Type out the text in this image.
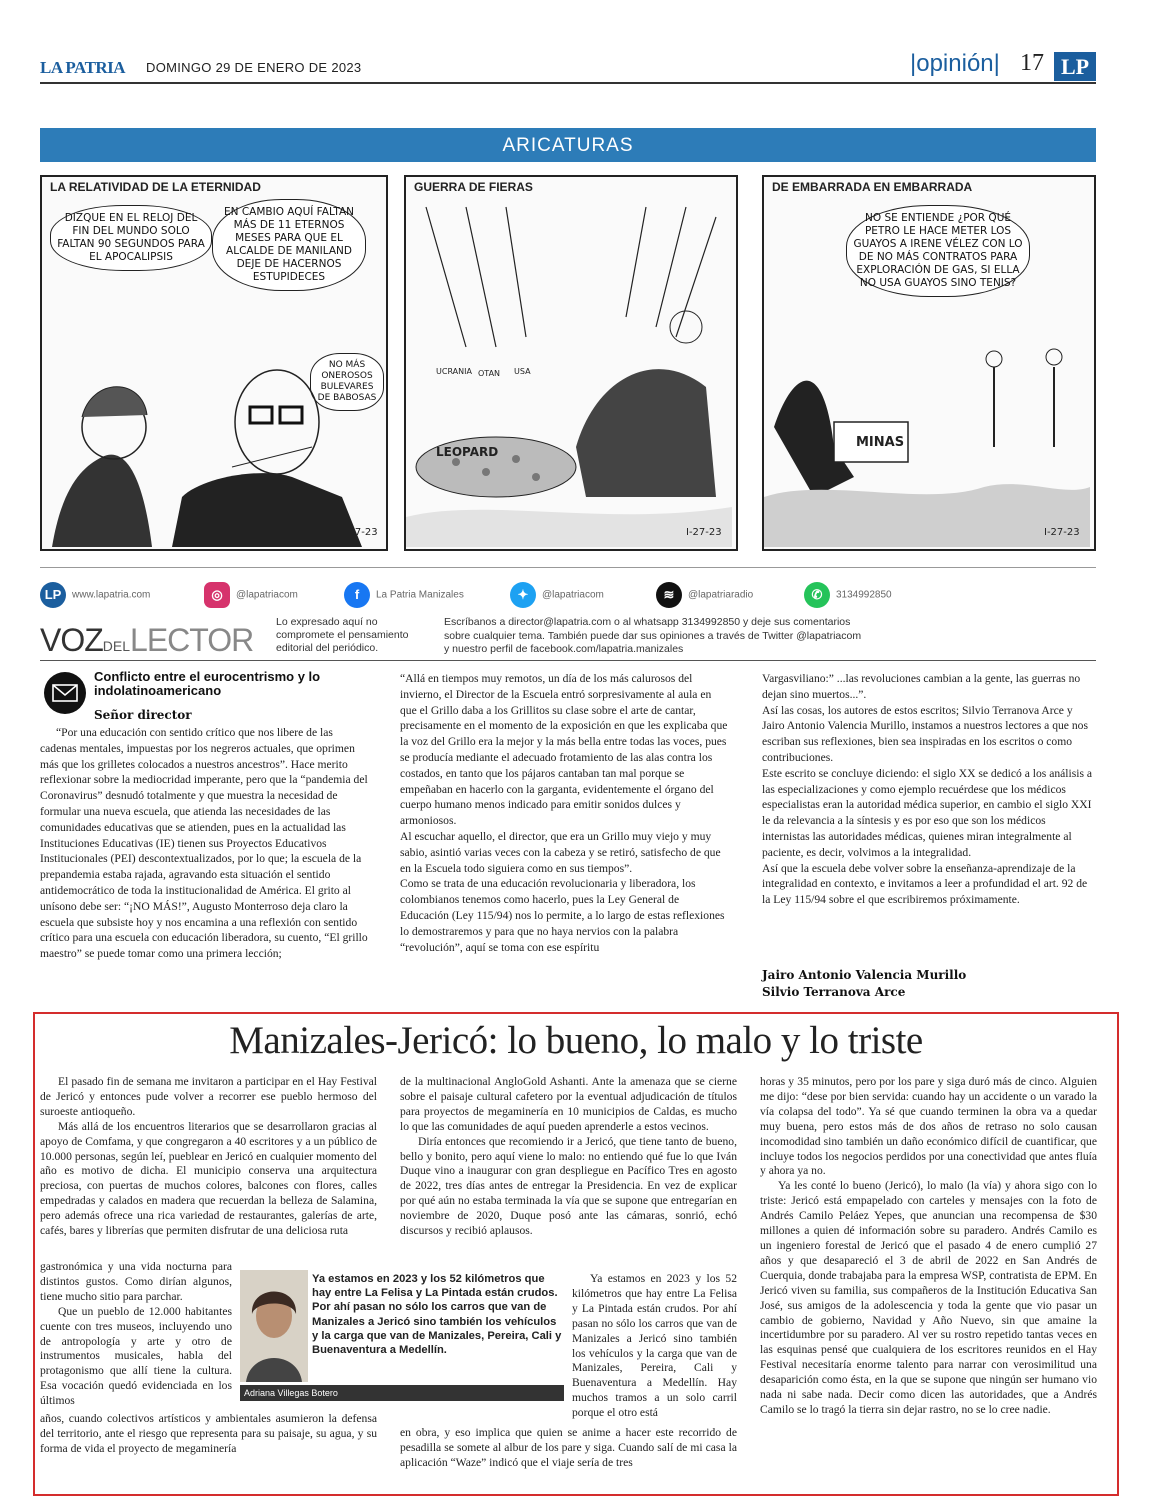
LA PATRIA DOMINGO 29 DE ENERO DE 2023	|opinión| 17 LP
ARICATURAS
LA RELATIVIDAD DE LA ETERNIDAD
DIZQUE EN EL RELOJ DEL FIN DEL MUNDO SOLO FALTAN 90 SEGUNDOS PARA EL APOCALIPSIS
EN CAMBIO AQUÍ FALTAN MÁS DE 11 ETERNOS MESES PARA QUE EL ALCALDE DE MANILAND DEJE DE HACERNOS ESTUPIDECES
NO MÁS ONEROSOS BULEVARES DE BABOSAS
I-27-23
GUERRA DE FIERAS
UCRANIA OTAN USA
LEOPARD
I-27-23
DE EMBARRADA EN EMBARRADA
NO SE ENTIENDE ¿POR QUÉ PETRO LE HACE METER LOS GUAYOS A IRENE VÉLEZ CON LO DE NO MÁS CONTRATOS PARA EXPLORACIÓN DE GAS, SI ELLA NO USA GUAYOS SINO TENIS?
MINAS
I-27-23
LP www.lapatria.com	◎ @lapatriacom	f La Patria Manizales	✦ @lapatriacom	≋ @lapatriaradio	✆ 3134992850
VOZDELLECTOR Lo expresado aquí no compromete el pensamiento editorial del periódico.
Escríbanos a director@lapatria.com o al whatsapp 3134992850 y deje sus comentarios sobre cualquier tema. También puede dar sus opiniones a través de Twitter @lapatriacom y nuestro perfil de facebook.com/lapatria.manizales
Conflicto entre el eurocentrismo y lo indolatinoamericano
Señor director
“Por una educación con sentido crítico que nos libere de las cadenas mentales, impuestas por los negreros actuales, que oprimen más que los grilletes colocados a nuestros ancestros”. Hace merito reflexionar sobre la mediocridad imperante, pero que la “pandemia del Coronavirus” desnudó totalmente y que muestra la necesidad de formular una nueva escuela, que atienda las necesidades de las comunidades educativas que se atienden, pues en la actualidad las Instituciones Educativas (IE) tienen sus Proyectos Educativos Institucionales (PEI) descontextualizados, por lo que; la escuela de la prepandemia estaba rajada, agravando esta situación el sentido antidemocrático de toda la institucionalidad de América. El grito al unísono debe ser: “¡NO MÁS!”, Augusto Monterroso deja claro la escuela que subsiste hoy y nos encamina a una reflexión con sentido crítico para una escuela con educación liberadora, su cuento, “El grillo maestro” se puede tomar como una primera lección;

“Allá en tiempos muy remotos, un día de los más calurosos del invierno, el Director de la Escuela entró sorpresivamente al aula en que el Grillo daba a los Grillitos su clase sobre el arte de cantar, precisamente en el momento de la exposición en que les explicaba que la voz del Grillo era la mejor y la más bella entre todas las voces, pues se producía mediante el adecuado frotamiento de las alas contra los costados, en tanto que los pájaros cantaban tan mal porque se empeñaban en hacerlo con la garganta, evidentemente el órgano del cuerpo humano menos indicado para emitir sonidos dulces y armoniosos.

Al escuchar aquello, el director, que era un Grillo muy viejo y muy sabio, asintió varias veces con la cabeza y se retiró, satisfecho de que en la Escuela todo siguiera como en sus tiempos”.

Como se trata de una educación revolucionaria y liberadora, los colombianos tenemos como hacerlo, pues la Ley General de Educación (Ley 115/94) nos lo permite, a lo largo de estas reflexiones lo demostraremos y para que no haya nervios con la palabra “revolución”, aquí se toma con ese espíritu

Vargasviliano:” ...las revoluciones cambian a la gente, las guerras no dejan sino muertos...”.

Así las cosas, los autores de estos escritos; Silvio Terranova Arce y Jairo Antonio Valencia Murillo, instamos a nuestros lectores a que nos escriban sus reflexiones, bien sea inspiradas en los escritos o como contribuciones.

Este escrito se concluye diciendo: el siglo XX se dedicó a los análisis a las especializaciones y como ejemplo recuérdese que los médicos especialistas eran la autoridad médica superior, en cambio el siglo XXI le da relevancia a la síntesis y es por eso que son los médicos internistas las autoridades médicas, quienes miran integralmente al paciente, es decir, volvimos a la integralidad.

Así que la escuela debe volver sobre la enseñanza-aprendizaje de la integralidad en contexto, e invitamos a leer a profundidad el art. 92 de la Ley 115/94 sobre el que escribiremos próximamente.

Jairo Antonio Valencia Murillo
Silvio Terranova Arce
Manizales-Jericó: lo bueno, lo malo y lo triste

El pasado fin de semana me invitaron a participar en el Hay Festival de Jericó y entonces pude volver a recorrer ese pueblo hermoso del suroeste antioqueño.

Más allá de los encuentros literarios que se desarrollaron gracias al apoyo de Comfama, y que congregaron a 40 escritores y a un público de 10.000 personas, según leí, pueblear en Jericó en cualquier momento del año es motivo de dicha. El municipio conserva una arquitectura preciosa, con puertas de muchos colores, balcones con flores, calles empedradas y calados en madera que recuerdan la belleza de Salamina, pero además ofrece una rica variedad de restaurantes, galerías de arte, cafés, bares y librerías que permiten disfrutar de una deliciosa ruta

gastronómica y una vida nocturna para distintos gustos. Como dirían algunos, tiene mucho sitio para parchar.

Que un pueblo de 12.000 habitantes cuente con tres museos, incluyendo uno de antropología y arte y otro de instrumentos musicales, habla del protagonismo que allí tiene la cultura. Esa vocación quedó evidenciada en los últimos

años, cuando colectivos artísticos y ambientales asumieron la defensa del territorio, ante el riesgo que representa para su paisaje, su agua, y su forma de vida el proyecto de megaminería

de la multinacional AngloGold Ashanti. Ante la amenaza que se cierne sobre el paisaje cultural cafetero por la eventual adjudicación de títulos para proyectos de megaminería en 10 municipios de Caldas, es mucho lo que las comunidades de aquí pueden aprenderle a estos vecinos.

Diría entonces que recomiendo ir a Jericó, que tiene tanto de bueno, bello y bonito, pero aquí viene lo malo: no entiendo qué fue lo que Iván Duque vino a inaugurar con gran despliegue en Pacífico Tres en agosto de 2022, tres días antes de entregar la Presidencia. En vez de explicar por qué aún no estaba terminada la vía que se supone que entregarían en noviembre de 2020, Duque posó ante las cámaras, sonrió, echó discursos y recibió aplausos.

Ya estamos en 2023 y los 52 kilómetros que hay entre La Felisa y La Pintada están crudos. Por ahí pasan no sólo los carros que van de Manizales a Jericó sino también los vehículos y la carga que van de Manizales, Pereira, Cali y Buenaventura a Medellín. Hay muchos tramos a un solo carril porque el otro está

en obra, y eso implica que quien se anime a hacer este recorrido de pesadilla se somete al albur de los pare y siga. Cuando salí de mi casa la aplicación “Waze” indicó que el viaje sería de tres

horas y 35 minutos, pero por los pare y siga duró más de cinco. Alguien me dijo: “dese por bien servida: cuando hay un accidente o un varado la vía colapsa del todo”. Ya sé que cuando terminen la obra va a quedar muy buena, pero estos más de dos años de retraso no solo causan incomodidad sino también un daño económico difícil de cuantificar, que incluye todos los negocios perdidos por una conectividad que antes fluía y ahora ya no.

Ya les conté lo bueno (Jericó), lo malo (la vía) y ahora sigo con lo triste: Jericó está empapelado con carteles y mensajes con la foto de Andrés Camilo Peláez Yepes, que anuncian una recompensa de $30 millones a quien dé información sobre su paradero. Andrés Camilo es un ingeniero forestal de Jericó que el pasado 4 de enero cumplió 27 años y que desapareció el 3 de abril de 2022 en San Andrés de Cuerquia, donde trabajaba para la empresa WSP, contratista de EPM. En Jericó viven su familia, sus compañeros de la Institución Educativa San José, sus amigos de la adolescencia y toda la gente que vio pasar un cambio de gobierno, Navidad y Año Nuevo, sin que amaine la incertidumbre por su paradero. Al ver su rostro repetido tantas veces en las esquinas pensé que cualquiera de los escritores reunidos en el Hay Festival necesitaría enorme talento para narrar con verosimilitud una desaparición como ésta, en la que se supone que ningún ser humano vio nada ni sabe nada. Decir como dicen las autoridades, que a Andrés Camilo se lo tragó la tierra sin dejar rastro, no se lo cree nadie.

Ya estamos en 2023 y los 52 kilómetros que hay entre La Felisa y La Pintada están crudos. Por ahí pasan no sólo los carros que van de Manizales a Jericó sino también los vehículos y la carga que van de Manizales, Pereira, Cali y Buenaventura a Medellín.
Adriana Villegas Botero
